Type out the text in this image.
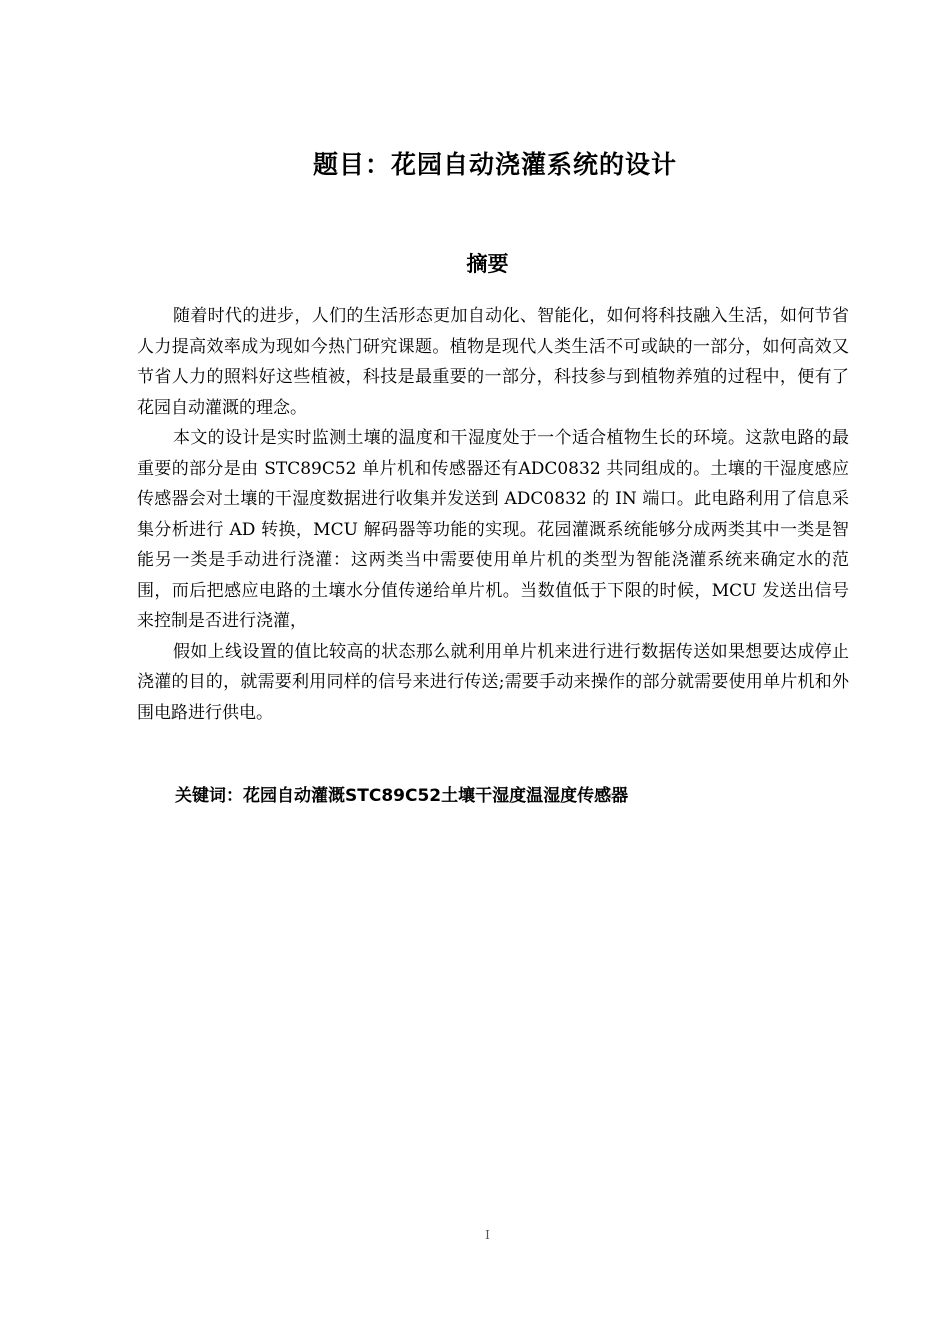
题目：花园自动浇灌系统的设计
摘要

随着时代的进步，人们的生活形态更加自动化、智能化，如何将科技融入生活，如何节省人力提高效率成为现如今热门研究课题。植物是现代人类生活不可或缺的一部分，如何高效又节省人力的照料好这些植被，科技是最重要的一部分，科技参与到植物养殖的过程中，便有了花园自动灌溉的理念。

本文的设计是实时监测土壤的温度和干湿度处于一个适合植物生长的环境。这款电路的最重要的部分是由 STC89C52 单片机和传感器还有ADC0832 共同组成的。土壤的干湿度感应传感器会对土壤的干湿度数据进行收集并发送到 ADC0832 的 IN 端口。此电路利用了信息采集分析进行 AD 转换，MCU 解码器等功能的实现。花园灌溉系统能够分成两类其中一类是智能另一类是手动进行浇灌：这两类当中需要使用单片机的类型为智能浇灌系统来确定水的范围，而后把感应电路的土壤水分值传递给单片机。当数值低于下限的时候，MCU 发送出信号来控制是否进行浇灌，

假如上线设置的值比较高的状态那么就利用单片机来进行进行数据传送如果想要达成停止浇灌的目的，就需要利用同样的信号来进行传送;需要手动来操作的部分就需要使用单片机和外围电路进行供电。

关键词：花园自动灌溉STC89C52土壤干湿度温湿度传感器
I
